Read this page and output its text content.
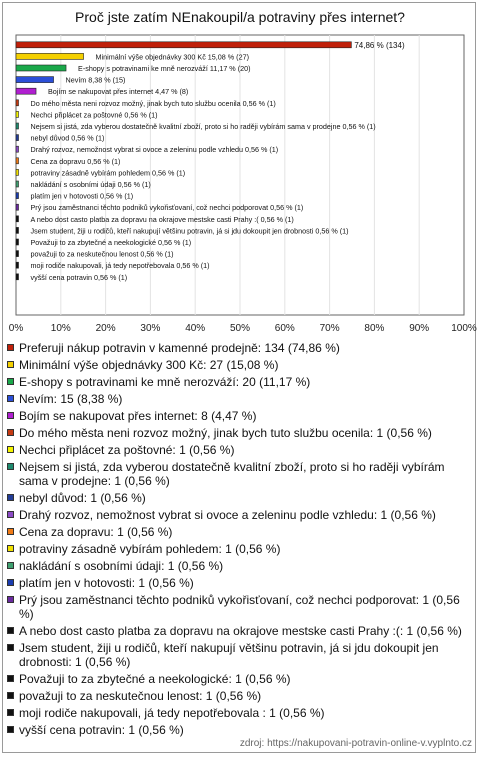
Proč jste zatím NEnakoupil/a potraviny přes internet?
0%	10% 20% 30% 40% 50% 60% 70% 80% 90% 100%
74,86 % (134)
Minimální výše objednávky 300 Kč 15,08 % (27)
E-shopy s potravinami ke mně nerozváží 11,17 % (20)
Nevím 8,38 % (15)
Bojím se nakupovat přes internet 4,47 % (8)
Do mého města neni rozvoz možný, jinak bych tuto službu ocenila 0,56 % (1)
Nechci připlácet za poštovné 0,56 % (1)
Nejsem si jistá, zda vyberou dostatečně kvalitní zboží, proto si ho raději vybírám sama v prodejne 0,56 % (1)
nebyl důvod 0,56 % (1)
Drahý rozvoz, nemožnost vybrat si ovoce a zeleninu podle vzhledu 0,56 % (1)
Cena za dopravu 0,56 % (1)
potraviny zásadně vybírám pohledem 0,56 % (1)
nakládání s osobními údaji 0,56 % (1)
platím jen v hotovosti 0,56 % (1)
Prý jsou zaměstnanci těchto podniků vykořisťovaní, což nechci podporovat 0,56 % (1)
A nebo dost casto platba za dopravu na okrajove mestske casti Prahy :( 0,56 % (1)
Jsem student, žiji u rodičů, kteří nakupují většinu potravin, já si jdu dokoupit jen drobnosti 0,56 % (1)
Považuji to za zbytečné a neekologické 0,56 % (1)
považuji to za neskutečnou lenost 0,56 % (1)
moji rodiče nakupovali, já tedy nepotřebovala 0,56 % (1)
vyšší cena potravin 0,56 % (1)
Preferuji nákup potravin v kamenné prodejně: 134 (74,86 %)
Minimální výše objednávky 300 Kč: 27 (15,08 %)
E-shopy s potravinami ke mně nerozváží: 20 (11,17 %)
Nevím: 15 (8,38 %)
Bojím se nakupovat přes internet: 8 (4,47 %)
Do mého města neni rozvoz možný, jinak bych tuto službu ocenila: 1 (0,56 %)
Nechci připlácet za poštovné: 1 (0,56 %)
Nejsem si jistá, zda vyberou dostatečně kvalitní zboží, proto si ho raději vybírám sama v prodejne: 1 (0,56 %)
nebyl důvod: 1 (0,56 %)
Drahý rozvoz, nemožnost vybrat si ovoce a zeleninu podle vzhledu: 1 (0,56 %)
Cena za dopravu: 1 (0,56 %)
potraviny zásadně vybírám pohledem: 1 (0,56 %)
nakládání s osobními údaji: 1 (0,56 %)
platím jen v hotovosti: 1 (0,56 %)
Prý jsou zaměstnanci těchto podniků vykořisťovaní, což nechci podporovat: 1 (0,56 %)
A nebo dost casto platba za dopravu na okrajove mestske casti Prahy :(: 1 (0,56 %)
Jsem student, žiji u rodičů, kteří nakupují většinu potravin, já si jdu dokoupit jen drobnosti: 1 (0,56 %)
Považuji to za zbytečné a neekologické: 1 (0,56 %)
považuji to za neskutečnou lenost: 1 (0,56 %)
moji rodiče nakupovali, já tedy nepotřebovala : 1 (0,56 %)
vyšší cena potravin: 1 (0,56 %)
zdroj: https://nakupovani-potravin-online-v.vyplnto.cz
